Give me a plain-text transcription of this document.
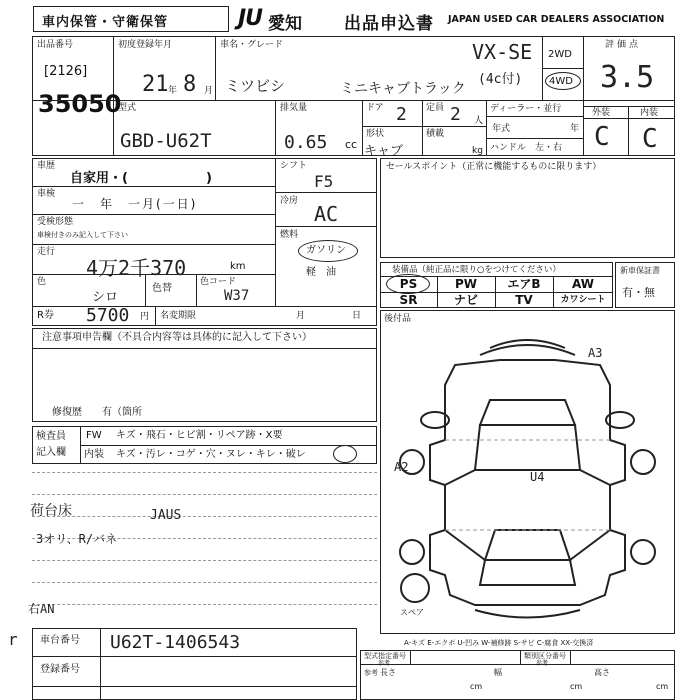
車内保管・守衛保管	JU 愛知 出品申込書 JAPAN USED CAR DEALERS ASSOCIATION
出品番号
[2126]
35050
初度登録年月
21 年 8 月
車名・グレード
ミツビシ	ミニキャブトラック
VX-SE
(4c付)
2WD
4WD
評価点
3.5
外装	内装
C C
型式
GBD-U62T
排気量
0.65 cc
ドア 2 定員 2 人
形状
キャブ
積載
kg
ディーラー・並行
年式	年
ハンドル　左・右
車歴
自家用・(　　　　　　)
車検
一　年　一月(一日)
受検形態
車検付きのみ記入して下さい
走行
4万2千370	km
色
シロ
色替
色コード
W37
シフト
F5
冷房
AC
燃料
ガソリン
軽　油
R券 5700 円 名変期限	月	日
セールスポイント（正常に機能するものに限ります）
装備品（純正品に限り○をつけてください）
PS	PW	エアB	AW
SR	ナビ	TV	カワシート
新車保証書
有・無
後付品
注意事項申告欄（不具合内容等は具体的に記入して下さい）
修復歴　　有（箇所
検査員
記入欄
FW キズ・飛石・ヒビ割・リペア跡・X要
内装 キズ・汚レ・コゲ・穴・ヌレ・キレ・破レ
荷台床
3オリ、R/バネ
JAUS
右AN
r
A3
A2
U4
スペア
A-キズ E-エクボ U-凹み W-補修跡 S-サビ C-腐食 XX-交換済
車台番号 U62T-1406543
登録番号
型式指定番号
参考
類別区分番号
参考
参考 長さ
cm
幅
cm
高さ
cm
